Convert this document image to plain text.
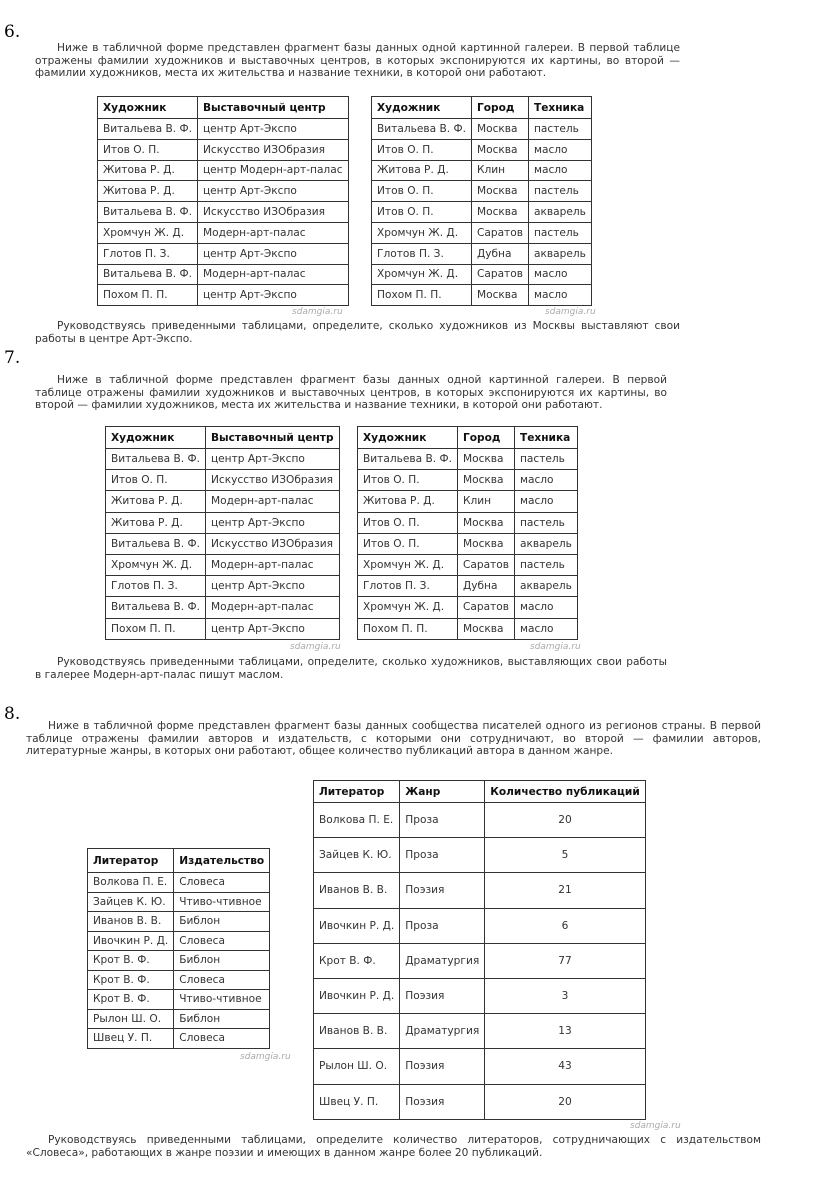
6.
Ниже в табличной форме представлен фрагмент базы данных одной картинной галереи. В первой таблице отражены фамилии художников и выставочных центров, в которых экспонируются их картины, во второй — фамилии художников, места их жительства и название техники, в которой они работают.
Художник	Выставочный центр
Витальева В. Ф.	центр Арт-Экспо
Итов О. П.	Искусство ИЗОбразия
Житова Р. Д.	центр Модерн-арт-палас
Житова Р. Д.	центр Арт-Экспо
Витальева В. Ф.	Искусство ИЗОбразия
Хромчун Ж. Д.	Модерн-арт-палас
Глотов П. З.	центр Арт-Экспо
Витальева В. Ф.	Модерн-арт-палас
Похом П. П.	центр Арт-Экспо
Художник	Город	Техника
Витальева В. Ф.	Москва	пастель
Итов О. П.	Москва	масло
Житова Р. Д.	Клин	масло
Итов О. П.	Москва	пастель
Итов О. П.	Москва	акварель
Хромчун Ж. Д.	Саратов	пастель
Глотов П. З.	Дубна	акварель
Хромчун Ж. Д.	Саратов	масло
Похом П. П.	Москва	масло
sdamgia.ru	sdamgia.ru
Руководствуясь приведенными таблицами, определите, сколько художников из Москвы выставляют свои работы в центре Арт-Экспо.
7.
Ниже в табличной форме представлен фрагмент базы данных одной картинной галереи. В первой таблице отражены фамилии художников и выставочных центров, в которых экспонируются их картины, во второй — фамилии художников, места их жительства и название техники, в которой они работают.
Художник	Выставочный центр
Витальева В. Ф.	центр Арт-Экспо
Итов О. П.	Искусство ИЗОбразия
Житова Р. Д.	Модерн-арт-палас
Житова Р. Д.	центр Арт-Экспо
Витальева В. Ф.	Искусство ИЗОбразия
Хромчун Ж. Д.	Модерн-арт-палас
Глотов П. З.	центр Арт-Экспо
Витальева В. Ф.	Модерн-арт-палас
Похом П. П.	центр Арт-Экспо
Художник	Город	Техника
Витальева В. Ф.	Москва	пастель
Итов О. П.	Москва	масло
Житова Р. Д.	Клин	масло
Итов О. П.	Москва	пастель
Итов О. П.	Москва	акварель
Хромчун Ж. Д.	Саратов	пастель
Глотов П. З.	Дубна	акварель
Хромчун Ж. Д.	Саратов	масло
Похом П. П.	Москва	масло
sdamgia.ru	sdamgia.ru
Руководствуясь приведенными таблицами, определите, сколько художников, выставляющих свои работы в галерее Модерн-арт-палас пишут маслом.
8.
Ниже в табличной форме представлен фрагмент базы данных сообщества писателей одного из регионов страны. В первой таблице отражены фамилии авторов и издательств, с которыми они сотрудничают, во второй — фамилии авторов, литературные жанры, в которых они работают, общее количество публикаций автора в данном жанре.
Литератор	Жанр	Количество публикаций
Волкова П. Е.	Проза	20
Зайцев К. Ю.	Проза	5
Иванов В. В.	Поэзия	21
Ивочкин Р. Д.	Проза	6
Крот В. Ф.	Драматургия	77
Ивочкин Р. Д.	Поэзия	3
Иванов В. В.	Драматургия	13
Рылон Ш. О.	Поэзия	43
Швец У. П.	Поэзия	20
Литератор	Издательство
Волкова П. Е.	Словеса
Зайцев К. Ю.	Чтиво-чтивное
Иванов В. В.	Библон
Ивочкин Р. Д.	Словеса
Крот В. Ф.	Библон
Крот В. Ф.	Словеса
Крот В. Ф.	Чтиво-чтивное
Рылон Ш. О.	Библон
Швец У. П.	Словеса
sdamgia.ru
sdamgia.ru
Руководствуясь приведенными таблицами, определите количество литераторов, сотрудничающих с издательством «Словеса», работающих в жанре поэзии и имеющих в данном жанре более 20 публикаций.
